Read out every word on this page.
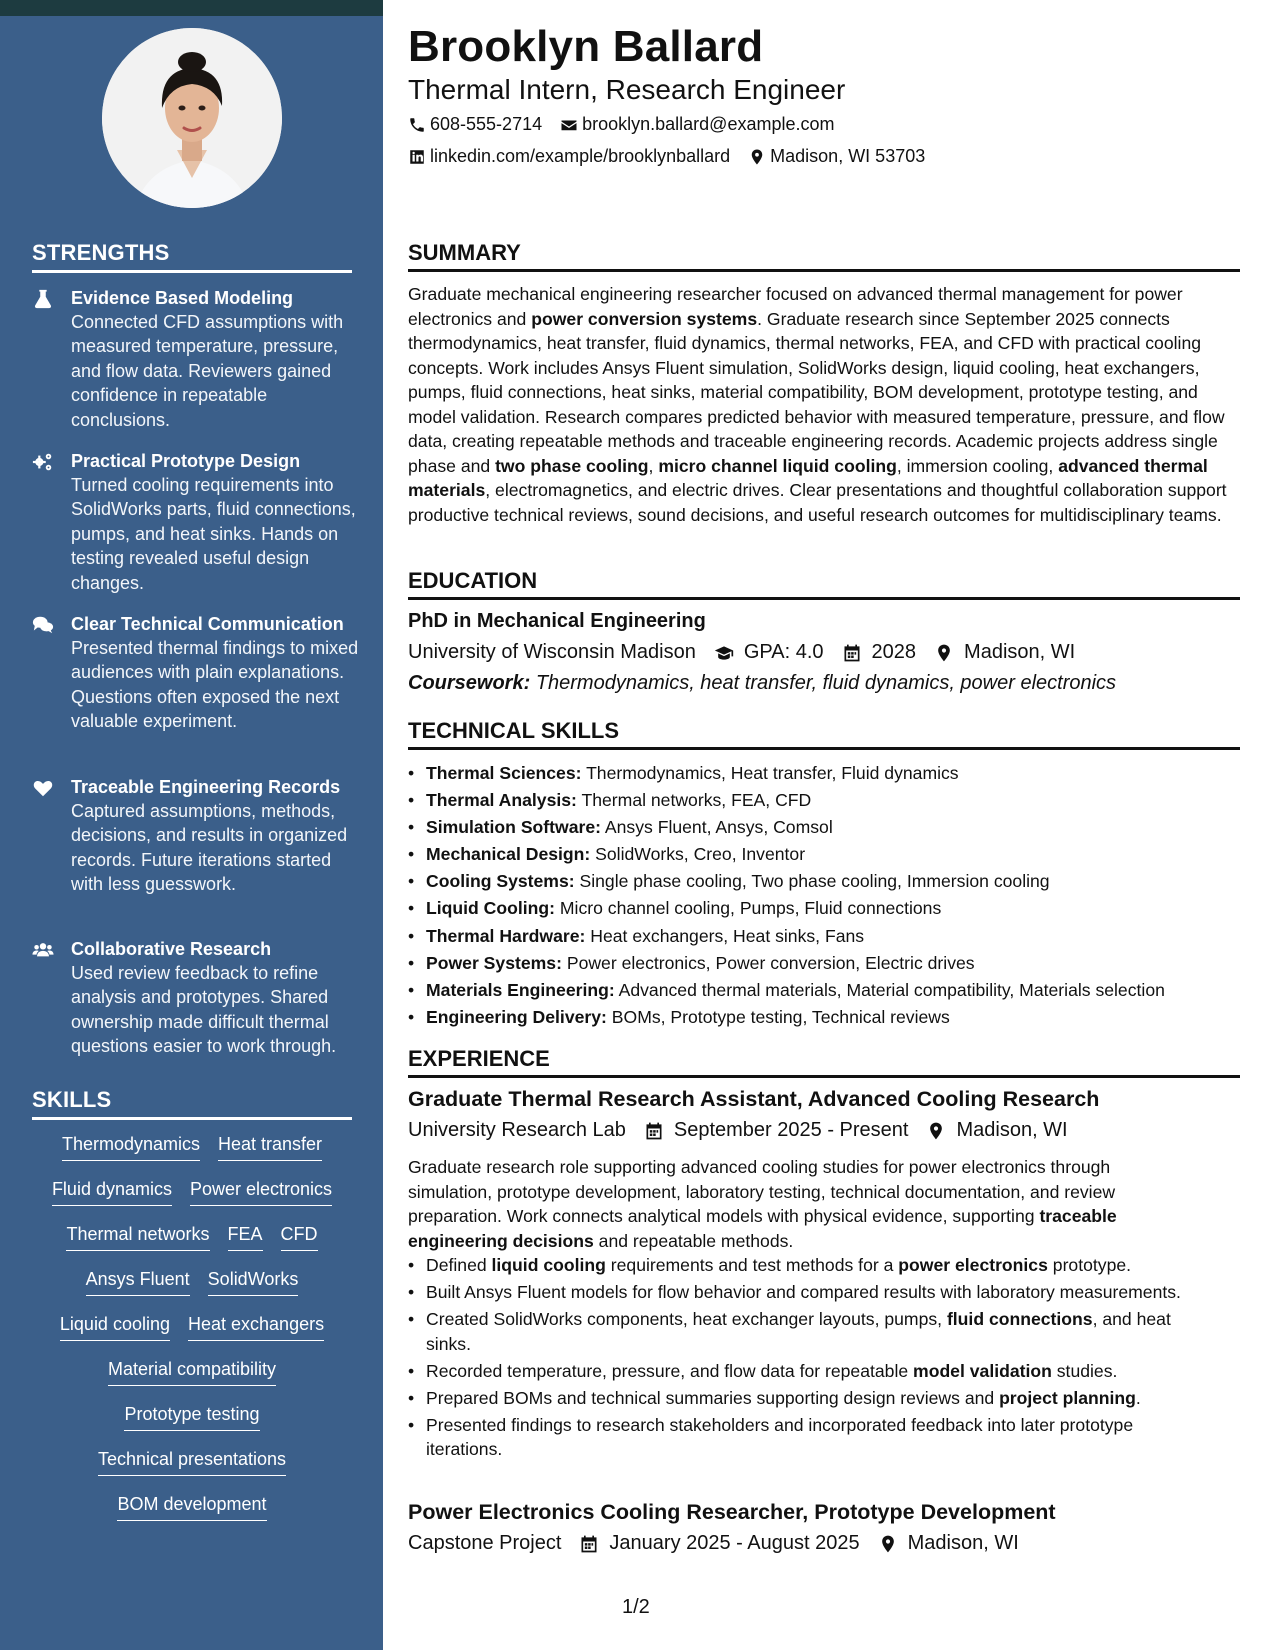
STRENGTHS
Evidence Based Modeling
Connected CFD assumptions with measured temperature, pressure, and flow data. Reviewers gained confidence in repeatable conclusions.
Practical Prototype Design
Turned cooling requirements into SolidWorks parts, fluid connections, pumps, and heat sinks. Hands on testing revealed useful design changes.
Clear Technical Communication
Presented thermal findings to mixed audiences with plain explanations. Questions often exposed the next valuable experiment.
Traceable Engineering Records
Captured assumptions, methods, decisions, and results in organized records. Future iterations started with less guesswork.
Collaborative Research
Used review feedback to refine analysis and prototypes. Shared ownership made difficult thermal questions easier to work through.
SKILLS
Thermodynamics Heat transfer
Fluid dynamics Power electronics
Thermal networks FEA CFD
Ansys Fluent SolidWorks
Liquid cooling Heat exchangers
Material compatibility
Prototype testing
Technical presentations
BOM development
Brooklyn Ballard
Thermal Intern, Research Engineer
608-555-2714 brooklyn.ballard@example.com
linkedin.com/example/brooklynballard Madison, WI 53703
SUMMARY
Graduate mechanical engineering researcher focused on advanced thermal management for power electronics and power conversion systems. Graduate research since September 2025 connects thermodynamics, heat transfer, fluid dynamics, thermal networks, FEA, and CFD with practical cooling concepts. Work includes Ansys Fluent simulation, SolidWorks design, liquid cooling, heat exchangers, pumps, fluid connections, heat sinks, material compatibility, BOM development, prototype testing, and model validation. Research compares predicted behavior with measured temperature, pressure, and flow data, creating repeatable methods and traceable engineering records. Academic projects address single phase and two phase cooling, micro channel liquid cooling, immersion cooling, advanced thermal materials, electromagnetics, and electric drives. Clear presentations and thoughtful collaboration support productive technical reviews, sound decisions, and useful research outcomes for multidisciplinary teams.
EDUCATION
PhD in Mechanical Engineering
University of Wisconsin Madison GPA: 4.0 2028 Madison, WI
Coursework: Thermodynamics, heat transfer, fluid dynamics, power electronics
TECHNICAL SKILLS
• Thermal Sciences: Thermodynamics, Heat transfer, Fluid dynamics
• Thermal Analysis: Thermal networks, FEA, CFD
• Simulation Software: Ansys Fluent, Ansys, Comsol
• Mechanical Design: SolidWorks, Creo, Inventor
• Cooling Systems: Single phase cooling, Two phase cooling, Immersion cooling
• Liquid Cooling: Micro channel cooling, Pumps, Fluid connections
• Thermal Hardware: Heat exchangers, Heat sinks, Fans
• Power Systems: Power electronics, Power conversion, Electric drives
• Materials Engineering: Advanced thermal materials, Material compatibility, Materials selection
• Engineering Delivery: BOMs, Prototype testing, Technical reviews
EXPERIENCE
Graduate Thermal Research Assistant, Advanced Cooling Research
University Research Lab September 2025 - Present Madison, WI
Graduate research role supporting advanced cooling studies for power electronics through simulation, prototype development, laboratory testing, technical documentation, and review preparation. Work connects analytical models with physical evidence, supporting traceable engineering decisions and repeatable methods.
• Defined liquid cooling requirements and test methods for a power electronics prototype.
• Built Ansys Fluent models for flow behavior and compared results with laboratory measurements.
• Created SolidWorks components, heat exchanger layouts, pumps, fluid connections, and heat sinks.
• Recorded temperature, pressure, and flow data for repeatable model validation studies.
• Prepared BOMs and technical summaries supporting design reviews and project planning.
• Presented findings to research stakeholders and incorporated feedback into later prototype iterations.
Power Electronics Cooling Researcher, Prototype Development
Capstone Project January 2025 - August 2025 Madison, WI
1/2
